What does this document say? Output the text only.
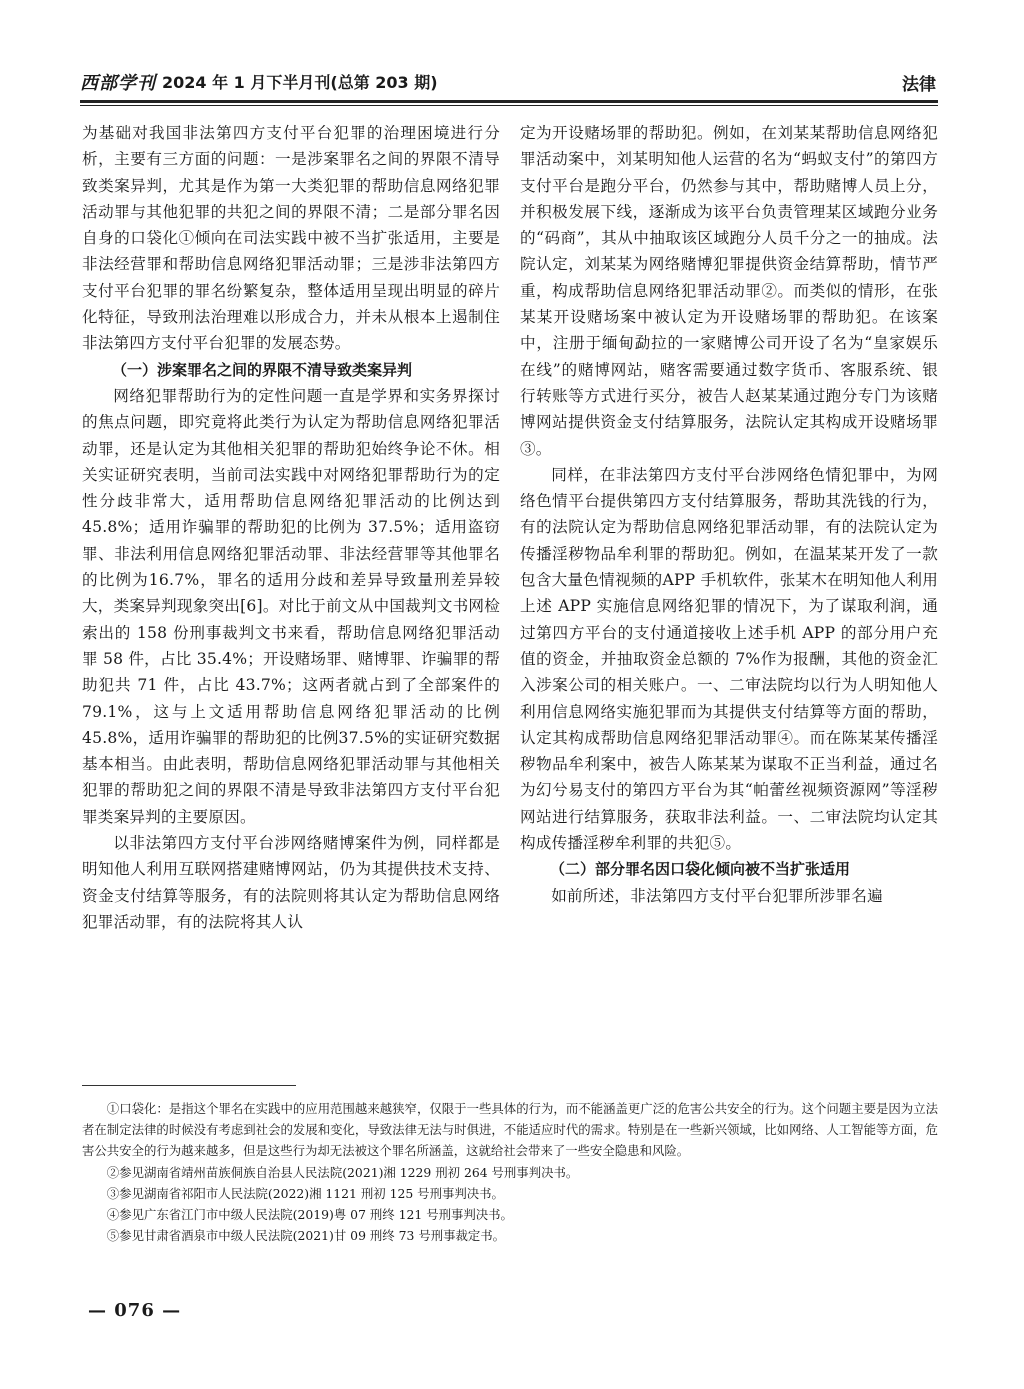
西部学刊 2024 年 1 月下半月刊(总第 203 期)	法律

为基础对我国非法第四方支付平台犯罪的治理困境进行分析，主要有三方面的问题：一是涉案罪名之间的界限不清导致类案异判，尤其是作为第一大类犯罪的帮助信息网络犯罪活动罪与其他犯罪的共犯之间的界限不清；二是部分罪名因自身的口袋化①倾向在司法实践中被不当扩张适用，主要是非法经营罪和帮助信息网络犯罪活动罪；三是涉非法第四方支付平台犯罪的罪名纷繁复杂，整体适用呈现出明显的碎片化特征，导致刑法治理难以形成合力，并未从根本上遏制住非法第四方支付平台犯罪的发展态势。

（一）涉案罪名之间的界限不清导致类案异判

网络犯罪帮助行为的定性问题一直是学界和实务界探讨的焦点问题，即究竟将此类行为认定为帮助信息网络犯罪活动罪，还是认定为其他相关犯罪的帮助犯始终争论不休。相关实证研究表明，当前司法实践中对网络犯罪帮助行为的定性分歧非常大，适用帮助信息网络犯罪活动的比例达到 45.8%；适用诈骗罪的帮助犯的比例为 37.5%；适用盗窃罪、非法利用信息网络犯罪活动罪、非法经营罪等其他罪名的比例为16.7%，罪名的适用分歧和差异导致量刑差异较大，类案异判现象突出[6]。对比于前文从中国裁判文书网检索出的 158 份刑事裁判文书来看，帮助信息网络犯罪活动罪 58 件，占比 35.4%；开设赌场罪、赌博罪、诈骗罪的帮助犯共 71 件，占比 43.7%；这两者就占到了全部案件的 79.1%，这与上文适用帮助信息网络犯罪活动的比例 45.8%，适用诈骗罪的帮助犯的比例37.5%的实证研究数据基本相当。由此表明，帮助信息网络犯罪活动罪与其他相关犯罪的帮助犯之间的界限不清是导致非法第四方支付平台犯罪类案异判的主要原因。

以非法第四方支付平台涉网络赌博案件为例，同样都是明知他人利用互联网搭建赌博网站，仍为其提供技术支持、资金支付结算等服务，有的法院则将其认定为帮助信息网络犯罪活动罪，有的法院将其人认

定为开设赌场罪的帮助犯。例如，在刘某某帮助信息网络犯罪活动案中，刘某明知他人运营的名为“蚂蚁支付”的第四方支付平台是跑分平台，仍然参与其中，帮助赌博人员上分，并积极发展下线，逐渐成为该平台负责管理某区域跑分业务的“码商”，其从中抽取该区域跑分人员千分之一的抽成。法院认定，刘某某为网络赌博犯罪提供资金结算帮助，情节严重，构成帮助信息网络犯罪活动罪②。而类似的情形，在张某某开设赌场案中被认定为开设赌场罪的帮助犯。在该案中，注册于缅甸勐拉的一家赌博公司开设了名为“皇家娱乐在线”的赌博网站，赌客需要通过数字货币、客服系统、银行转账等方式进行买分，被告人赵某某通过跑分专门为该赌博网站提供资金支付结算服务，法院认定其构成开设赌场罪③。

同样，在非法第四方支付平台涉网络色情犯罪中，为网络色情平台提供第四方支付结算服务，帮助其洗钱的行为，有的法院认定为帮助信息网络犯罪活动罪，有的法院认定为传播淫秽物品牟利罪的帮助犯。例如，在温某某开发了一款包含大量色情视频的APP 手机软件，张某木在明知他人利用上述 APP 实施信息网络犯罪的情况下，为了谋取利润，通过第四方平台的支付通道接收上述手机 APP 的部分用户充值的资金，并抽取资金总额的 7%作为报酬，其他的资金汇入涉案公司的相关账户。一、二审法院均以行为人明知他人利用信息网络实施犯罪而为其提供支付结算等方面的帮助，认定其构成帮助信息网络犯罪活动罪④。而在陈某某传播淫秽物品牟利案中，被告人陈某某为谋取不正当利益，通过名为幻兮易支付的第四方平台为其“帕蕾丝视频资源网”等淫秽网站进行结算服务，获取非法利益。一、二审法院均认定其构成传播淫秽牟利罪的共犯⑤。

（二）部分罪名因口袋化倾向被不当扩张适用

如前所述，非法第四方支付平台犯罪所涉罪名遍

①口袋化：是指这个罪名在实践中的应用范围越来越狭窄，仅限于一些具体的行为，而不能涵盖更广泛的危害公共安全的行为。这个问题主要是因为立法者在制定法律的时候没有考虑到社会的发展和变化，导致法律无法与时俱进，不能适应时代的需求。特别是在一些新兴领域，比如网络、人工智能等方面，危害公共安全的行为越来越多，但是这些行为却无法被这个罪名所涵盖，这就给社会带来了一些安全隐患和风险。

②参见湖南省靖州苗族侗族自治县人民法院(2021)湘 1229 刑初 264 号刑事判决书。

③参见湖南省祁阳市人民法院(2022)湘 1121 刑初 125 号刑事判决书。

④参见广东省江门市中级人民法院(2019)粤 07 刑终 121 号刑事判决书。

⑤参见甘肃省酒泉市中级人民法院(2021)甘 09 刑终 73 号刑事裁定书。

— 076 —
